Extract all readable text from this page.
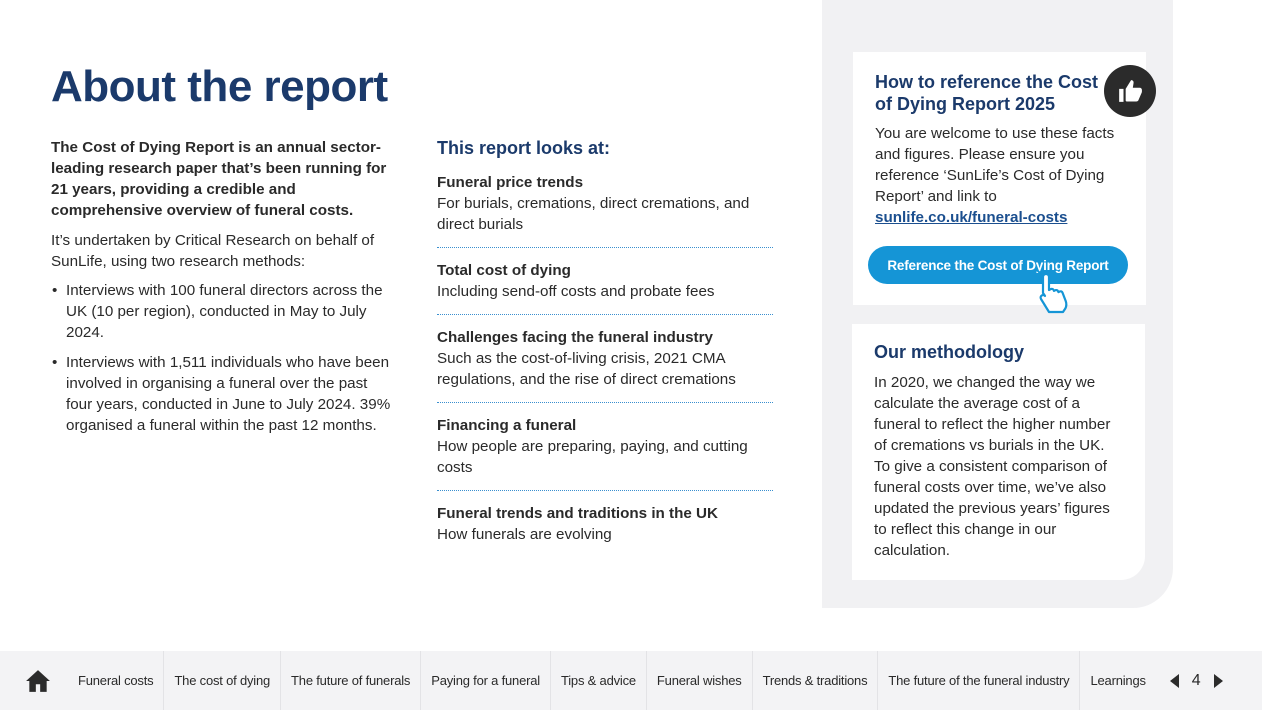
About the report

The Cost of Dying Report is an annual sector-leading research paper that’s been running for 21 years, providing a credible and comprehensive overview of funeral costs.

It’s undertaken by Critical Research on behalf of SunLife, using two research methods:

• Interviews with 100 funeral directors across the UK (10 per region), conducted in May to July 2024.
• Interviews with 1,511 individuals who have been involved in organising a funeral over the past four years, conducted in June to July 2024. 39% organised a funeral within the past 12 months.
This report looks at:
Funeral price trends
For burials, cremations, direct cremations, and direct burials
Total cost of dying
Including send-off costs and probate fees
Challenges facing the funeral industry
Such as the cost-of-living crisis, 2021 CMA regulations, and the rise of direct cremations
Financing a funeral
How people are preparing, paying, and cutting costs
Funeral trends and traditions in the UK
How funerals are evolving
How to reference the Cost of Dying Report 2025

You are welcome to use these facts and figures. Please ensure you reference ‘SunLife’s Cost of Dying Report’ and link to sunlife.co.uk/funeral-costs

Reference the Cost of Dying Report
Our methodology

In 2020, we changed the way we calculate the average cost of a funeral to reflect the higher number of cremations vs burials in the UK. To give a consistent comparison of funeral costs over time, we’ve also updated the previous years’ figures to reflect this change in our calculation.

Funeral costs	The cost of dying	The future of funerals	Paying for a funeral	Tips & advice	Funeral wishes	Trends & traditions	The future of the funeral industry	Learnings	4
